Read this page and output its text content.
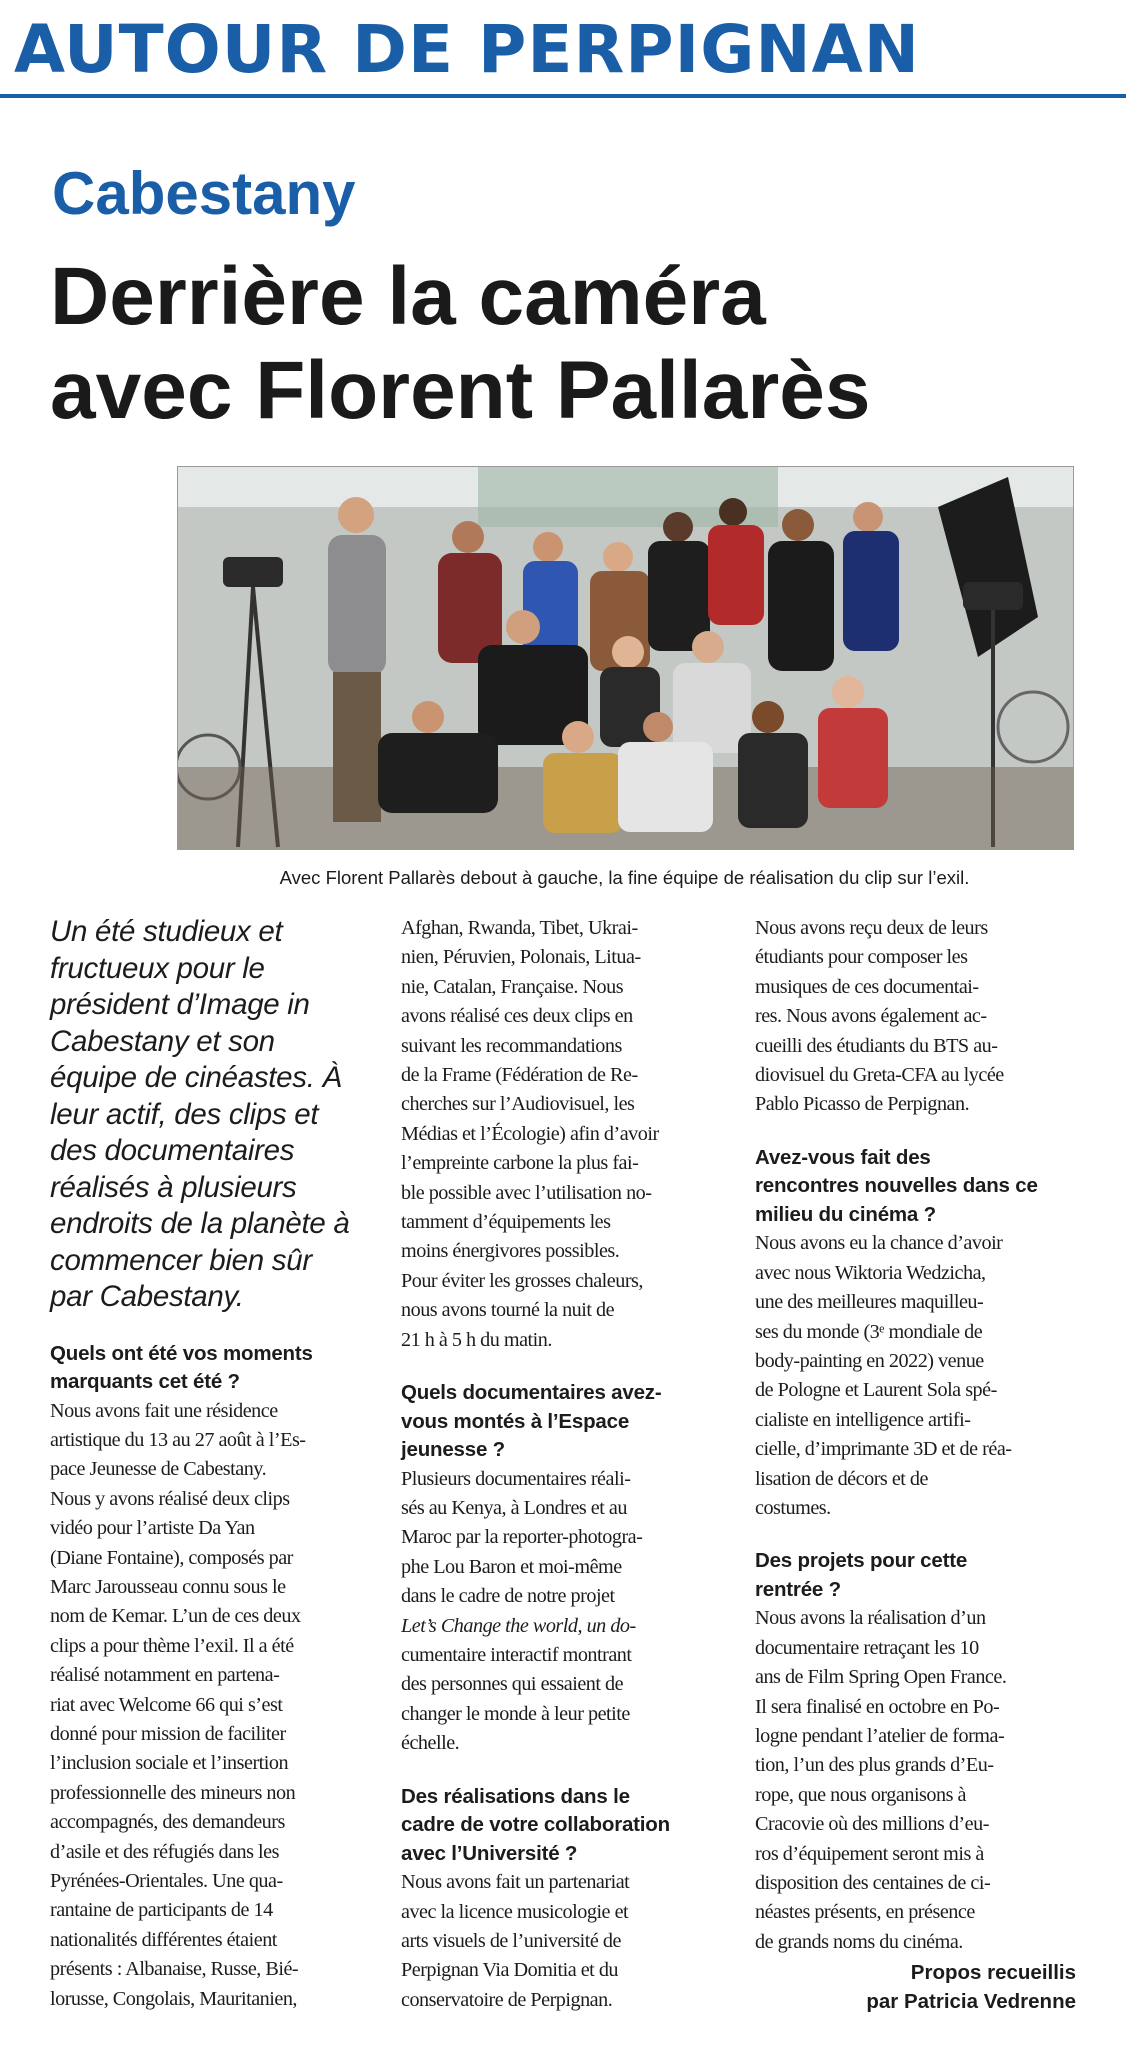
AUTOUR DE PERPIGNAN
Cabestany
Derrière la caméra
avec Florent Pallarès
Avec Florent Pallarès debout à gauche, la fine équipe de réalisation du clip sur l’exil.

Un été studieux et
fructueux pour le
président d’Image in
Cabestany et son
équipe de cinéastes. À
leur actif, des clips et
des documentaires
réalisés à plusieurs
endroits de la planète à
commencer bien sûr
par Cabestany.

Quels ont été vos moments
marquants cet été ?

Nous avons fait une résidence
artistique du 13 au 27 août à l’Es-
pace Jeunesse de Cabestany.
Nous y avons réalisé deux clips
vidéo pour l’artiste Da Yan
(Diane Fontaine), composés par
Marc Jarousseau connu sous le
nom de Kemar. L’un de ces deux
clips a pour thème l’exil. Il a été
réalisé notamment en partena-
riat avec Welcome 66 qui s’est
donné pour mission de faciliter
l’inclusion sociale et l’insertion
professionnelle des mineurs non
accompagnés, des demandeurs
d’asile et des réfugiés dans les
Pyrénées-Orientales. Une qua-
rantaine de participants de 14
nationalités différentes étaient
présents : Albanaise, Russe, Bié-
lorusse, Congolais, Mauritanien,

Afghan, Rwanda, Tibet, Ukrai-
nien, Péruvien, Polonais, Litua-
nie, Catalan, Française. Nous
avons réalisé ces deux clips en
suivant les recommandations
de la Frame (Fédération de Re-
cherches sur l’Audiovisuel, les
Médias et l’Écologie) afin d’avoir
l’empreinte carbone la plus fai-
ble possible avec l’utilisation no-
tamment d’équipements les
moins énergivores possibles.
Pour éviter les grosses chaleurs,
nous avons tourné la nuit de
21 h à 5 h du matin.

Quels documentaires avez-
vous montés à l’Espace
jeunesse ?

Plusieurs documentaires réali-
sés au Kenya, à Londres et au
Maroc par la reporter-photogra-
phe Lou Baron et moi-même
dans le cadre de notre projet
Let’s Change the world, un do-
cumentaire interactif montrant
des personnes qui essaient de
changer le monde à leur petite
échelle.

Des réalisations dans le
cadre de votre collaboration
avec l’Université ?

Nous avons fait un partenariat
avec la licence musicologie et
arts visuels de l’université de
Perpignan Via Domitia et du
conservatoire de Perpignan.

Nous avons reçu deux de leurs
étudiants pour composer les
musiques de ces documentai-
res. Nous avons également ac-
cueilli des étudiants du BTS au-
diovisuel du Greta-CFA au lycée
Pablo Picasso de Perpignan.

Avez-vous fait des
rencontres nouvelles dans ce
milieu du cinéma ?

Nous avons eu la chance d’avoir
avec nous Wiktoria Wedzicha,
une des meilleures maquilleu-
ses du monde (3ᵉ mondiale de
body-painting en 2022) venue
de Pologne et Laurent Sola spé-
cialiste en intelligence artifi-
cielle, d’imprimante 3D et de réa-
lisation de décors et de
costumes.

Des projets pour cette
rentrée ?

Nous avons la réalisation d’un
documentaire retraçant les 10
ans de Film Spring Open France.
Il sera finalisé en octobre en Po-
logne pendant l’atelier de forma-
tion, l’un des plus grands d’Eu-
rope, que nous organisons à
Cracovie où des millions d’eu-
ros d’équipement seront mis à
disposition des centaines de ci-
néastes présents, en présence
de grands noms du cinéma.

Propos recueillis
par Patricia Vedrenne
